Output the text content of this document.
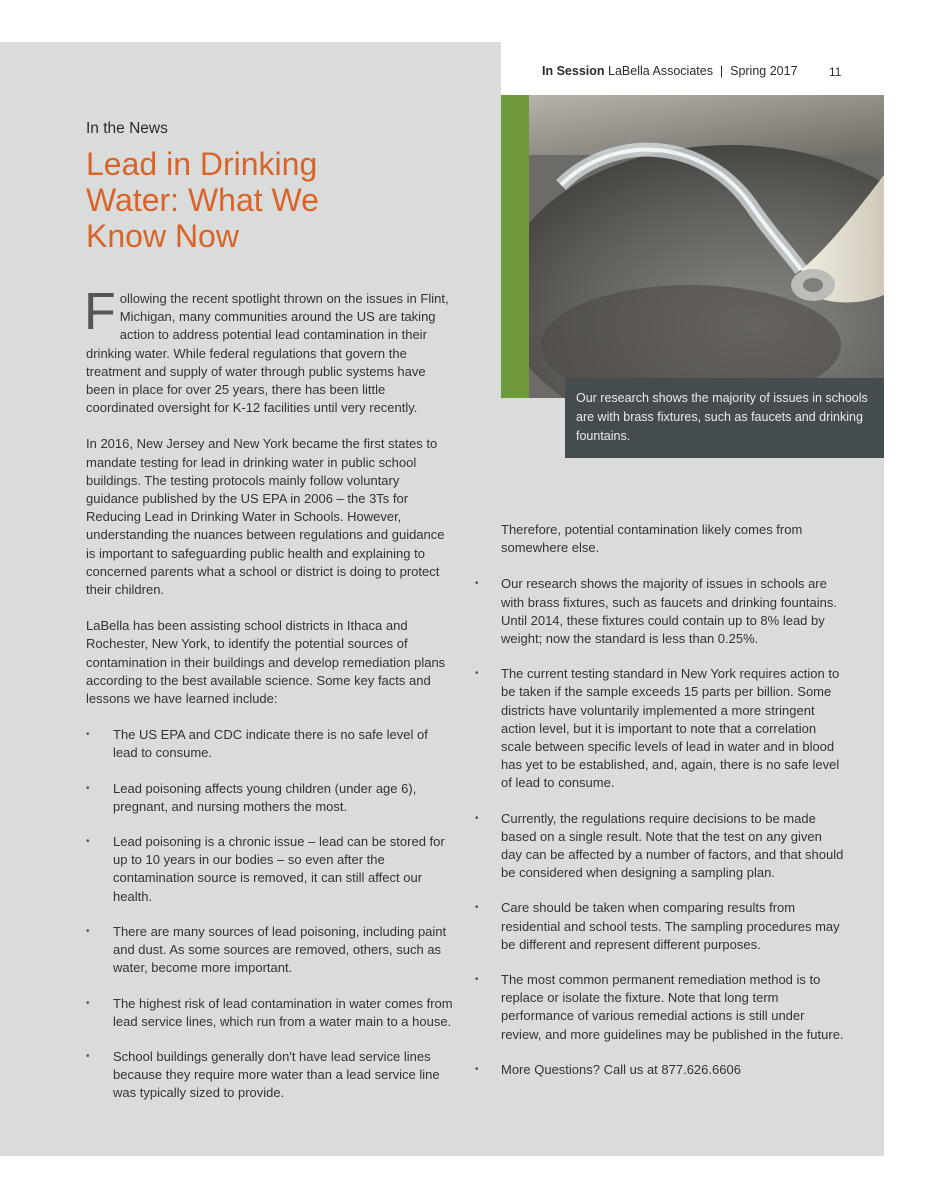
In Session LaBella Associates | Spring 2017	11
Our research shows the majority of issues in schools are with brass fixtures, such as faucets and drinking fountains.
In the News
Lead in Drinking
Water: What We
Know Now

Following the recent spotlight thrown on the issues in Flint, Michigan, many communities around the US are taking action to address potential lead contamination in their drinking water. While federal regulations that govern the treatment and supply of water through public systems have been in place for over 25 years, there has been little coordinated oversight for K-12 facilities until very recently.

In 2016, New Jersey and New York became the first states to mandate testing for lead in drinking water in public school buildings. The testing protocols mainly follow voluntary guidance published by the US EPA in 2006 – the 3Ts for Reducing Lead in Drinking Water in Schools. However, understanding the nuances between regulations and guidance is important to safeguarding public health and explaining to concerned parents what a school or district is doing to protect their children.

LaBella has been assisting school districts in Ithaca and Rochester, New York, to identify the potential sources of contamination in their buildings and develop remediation plans according to the best available science. Some key facts and lessons we have learned include:

• The US EPA and CDC indicate there is no safe level of lead to consume.
• Lead poisoning affects young children (under age 6), pregnant, and nursing mothers the most.
• Lead poisoning is a chronic issue – lead can be stored for up to 10 years in our bodies – so even after the contamination source is removed, it can still affect our health.
• There are many sources of lead poisoning, including paint and dust. As some sources are removed, others, such as water, become more important.
• The highest risk of lead contamination in water comes from lead service lines, which run from a water main to a house.
• School buildings generally don't have lead service lines because they require more water than a lead service line was typically sized to provide.

Therefore, potential contamination likely comes from somewhere else.

• Our research shows the majority of issues in schools are with brass fixtures, such as faucets and drinking fountains. Until 2014, these fixtures could contain up to 8% lead by weight; now the standard is less than 0.25%.
• The current testing standard in New York requires action to be taken if the sample exceeds 15 parts per billion. Some districts have voluntarily implemented a more stringent action level, but it is important to note that a correlation scale between specific levels of lead in water and in blood has yet to be established, and, again, there is no safe level of lead to consume.
• Currently, the regulations require decisions to be made based on a single result. Note that the test on any given day can be affected by a number of factors, and that should be considered when designing a sampling plan.
• Care should be taken when comparing results from residential and school tests. The sampling procedures may be different and represent different purposes.
• The most common permanent remediation method is to replace or isolate the fixture. Note that long term performance of various remedial actions is still under review, and more guidelines may be published in the future.
• More Questions? Call us at 877.626.6606
